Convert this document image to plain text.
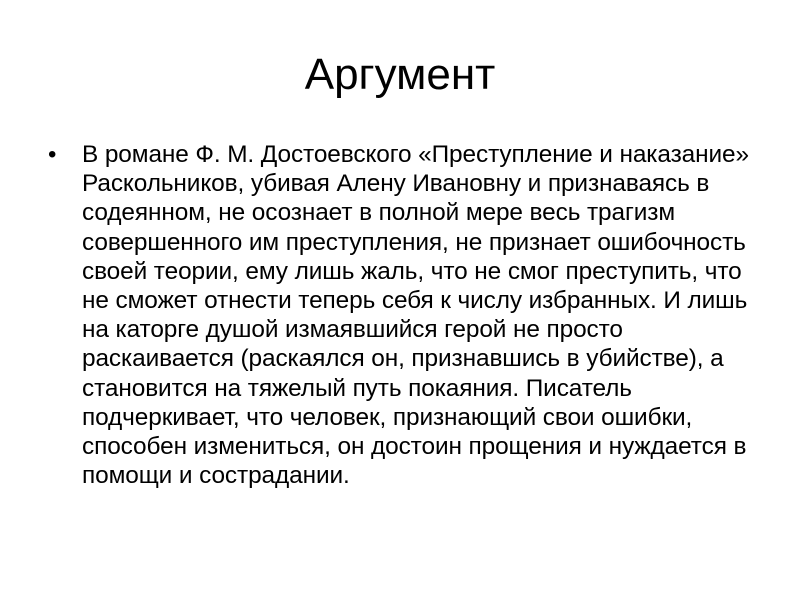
Аргумент
•	В романе Ф. М. Достоевского «Преступление и наказание» Раскольников, убивая Алену Ивановну и признаваясь в содеянном, не осознает в полной мере весь трагизм совершенного им преступления, не признает ошибочность своей теории, ему лишь жаль, что не смог преступить, что не сможет отнести теперь себя к числу избранных. И лишь на каторге душой измаявшийся герой не просто раскаивается (раскаялся он, признавшись в убийстве), а становится на тяжелый путь покаяния. Писатель подчеркивает, что человек, признающий свои ошибки, способен измениться, он достоин прощения и нуждается в помощи и сострадании.
